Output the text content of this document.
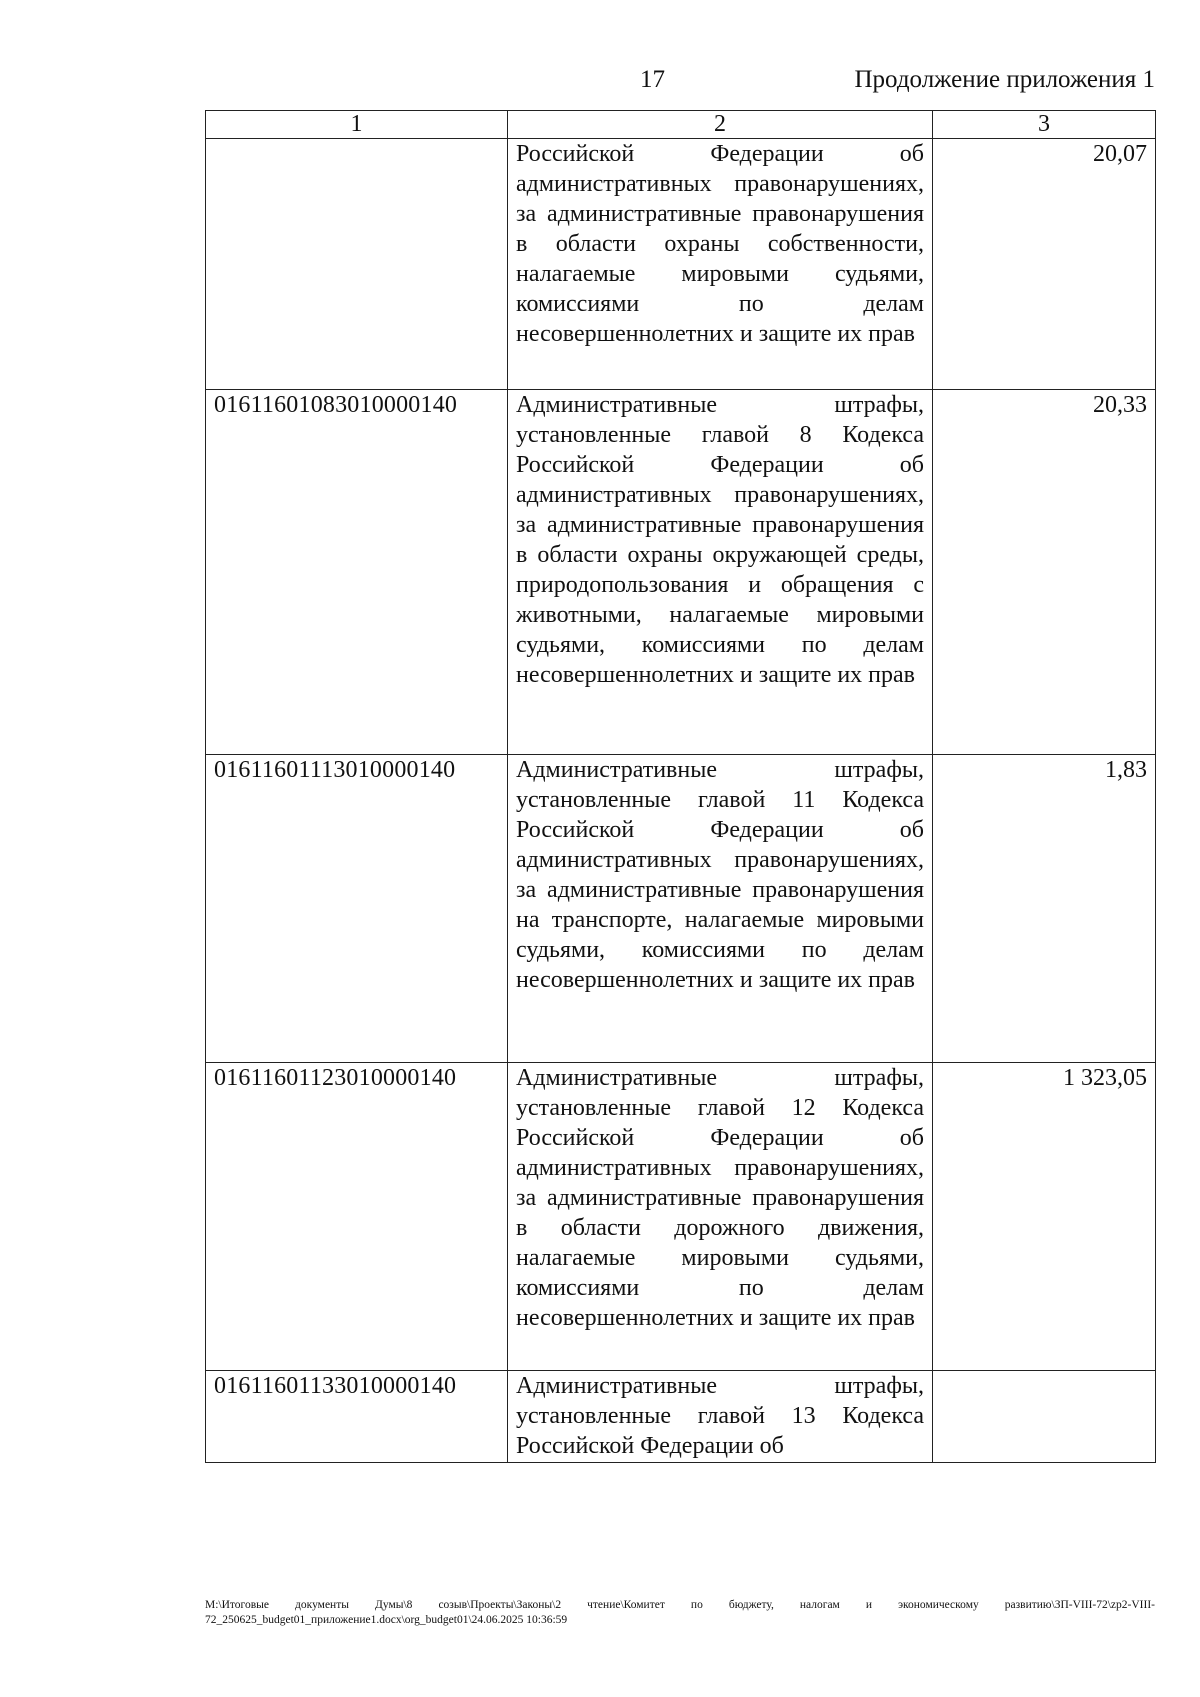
17	Продолжение приложения 1
1	2	3
	Российской Федерации об административных правонарушениях, за административные правонарушения в области охраны собственности, налагаемые мировыми судьями, комиссиями по делам несовершеннолетних и защите их прав	20,07
01611601083010000140	Административные штрафы, установленные главой 8 Кодекса Российской Федерации об административных правонарушениях, за административные правонарушения в области охраны окружающей среды, природопользования и обращения с животными, налагаемые мировыми судьями, комиссиями по делам несовершеннолетних и защите их прав	20,33
01611601113010000140	Административные штрафы, установленные главой 11 Кодекса Российской Федерации об административных правонарушениях, за административные правонарушения на транспорте, налагаемые мировыми судьями, комиссиями по делам несовершеннолетних и защите их прав	1,83
01611601123010000140	Административные штрафы, установленные главой 12 Кодекса Российской Федерации об административных правонарушениях, за административные правонарушения в области дорожного движения, налагаемые мировыми судьями, комиссиями по делам несовершеннолетних и защите их прав	1 323,05
01611601133010000140	Административные штрафы, установленные главой 13 Кодекса Российской Федерации об	
M:\Итоговые документы Думы\8 созыв\Проекты\Законы\2 чтение\Комитет по бюджету, налогам и экономическому развитию\ЗП-VIII-72\zp2-VIII-72_250625_budget01_приложение1.docx\org_budget01\24.06.2025 10:36:59
